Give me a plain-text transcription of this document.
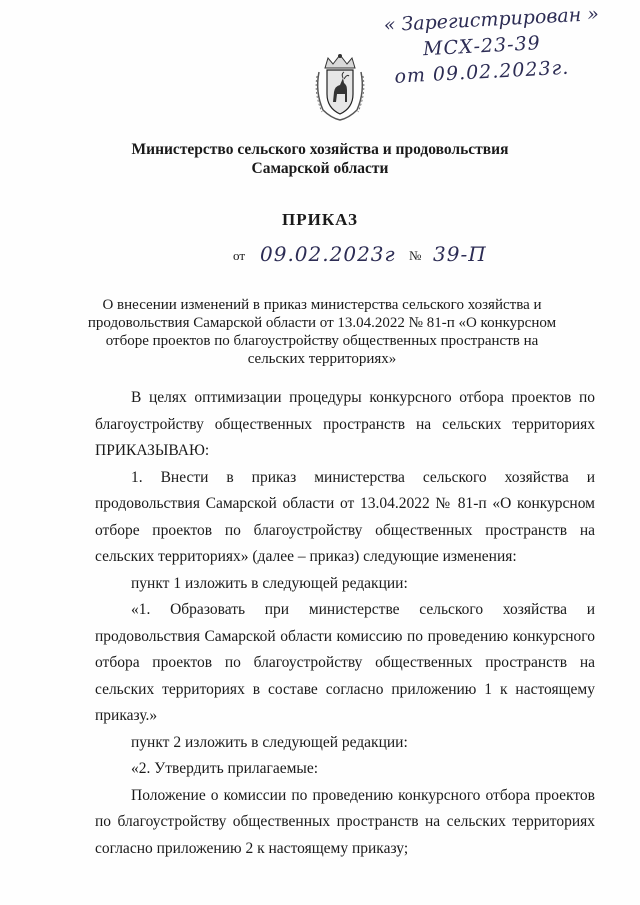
« Зарегистрирован »
МСХ-23-39
от 09.02.2023г.
Министерство сельского хозяйства и продовольствия
Самарской области
ПРИКАЗ
от 09.02.2023г № 39-П
О внесении изменений в приказ министерства сельского хозяйства и продовольствия Самарской области от 13.04.2022 № 81-п «О конкурсном отборе проектов по благоустройству общественных пространств на сельских территориях»

В целях оптимизации процедуры конкурсного отбора проектов по благоустройству общественных пространств на сельских территориях ПРИКАЗЫВАЮ:

1. Внести в приказ министерства сельского хозяйства и продовольствия Самарской области от 13.04.2022 № 81-п «О конкурсном отборе проектов по благоустройству общественных пространств на сельских территориях» (далее – приказ) следующие изменения:

пункт 1 изложить в следующей редакции:

«1. Образовать при министерстве сельского хозяйства и продовольствия Самарской области комиссию по проведению конкурсного отбора проектов по благоустройству общественных пространств на сельских территориях в составе согласно приложению 1 к настоящему приказу.»

пункт 2 изложить в следующей редакции:

«2. Утвердить прилагаемые:

Положение о комиссии по проведению конкурсного отбора проектов по благоустройству общественных пространств на сельских территориях согласно приложению 2 к настоящему приказу;
